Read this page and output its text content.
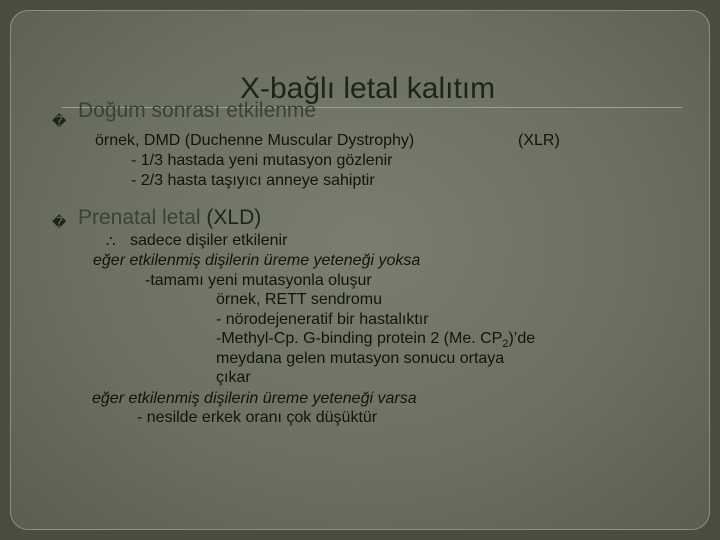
X-bağlı letal kalıtım
� Doğum sonrası etkilenme
örnek, DMD (Duchenne Muscular Dystrophy)	(XLR)
- 1/3 hastada yeni mutasyon gözlenir
- 2/3 hasta taşıyıcı anneye sahiptir
� Prenatal letal (XLD)
∴ sadece dişiler etkilenir
eğer etkilenmiş dişilerin üreme yeteneği yoksa
-tamamı yeni mutasyonla oluşur
örnek, RETT sendromu
- nörodejeneratif bir hastalıktır
-Methyl-Cp. G-binding protein 2 (Me. $CP_2)’de$
meydana gelen mutasyon sonucu ortaya
çıkar
eğer etkilenmiş dişilerin üreme yeteneği varsa
- nesilde erkek oranı çok düşüktür
